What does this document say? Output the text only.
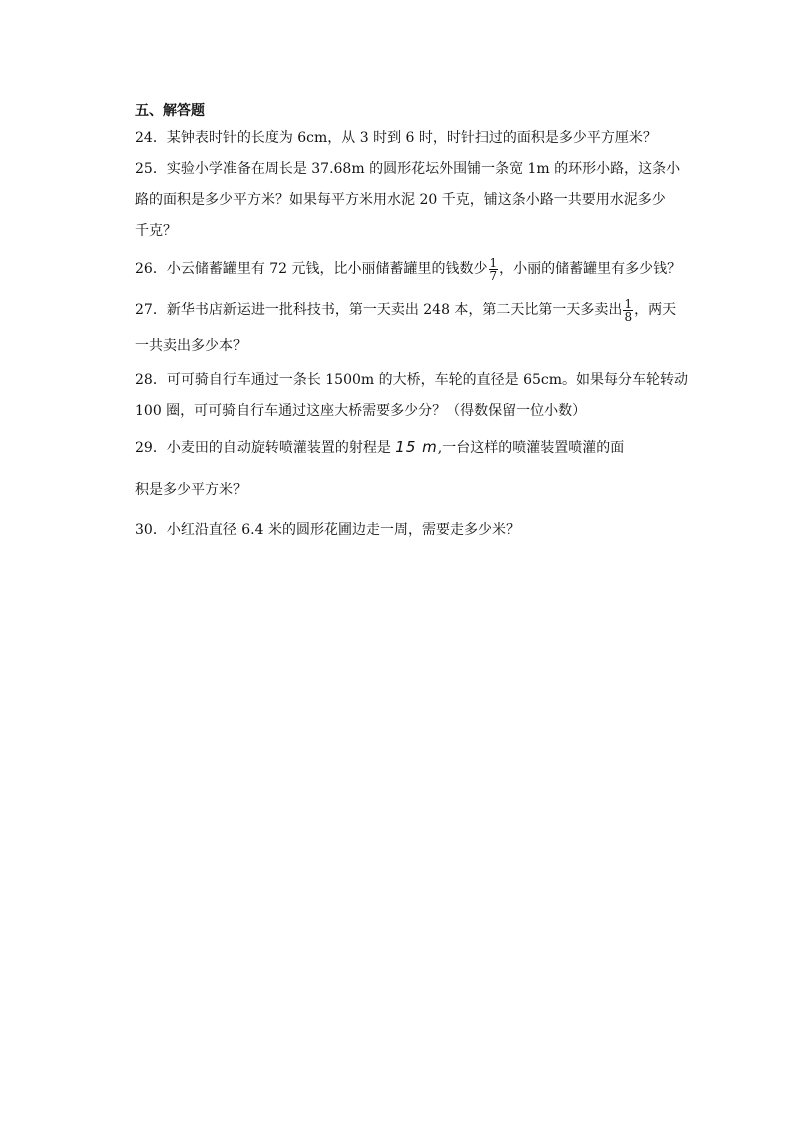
五、解答题
24．某钟表时针的长度为 6cm，从 3 时到 6 时，时针扫过的面积是多少平方厘米？
25．实验小学准备在周长是 37.68m 的圆形花坛外围铺一条宽 1m 的环形小路，这条小
路的面积是多少平方米？如果每平方米用水泥 20 千克，铺这条小路一共要用水泥多少
千克？
26．小云储蓄罐里有 72 元钱，比小丽储蓄罐里的钱数少 $\frac{1}{7}$ ，小丽的储蓄罐里有多少钱？
27．新华书店新运进一批科技书，第一天卖出 248 本，第二天比第一天多卖出 $\frac{1}{8}$ ，两天
一共卖出多少本？
28．可可骑自行车通过一条长 1500m 的大桥，车轮的直径是 65cm。如果每分车轮转动
100 圈，可可骑自行车通过这座大桥需要多少分？（得数保留一位小数）
29．小麦田的自动旋转喷灌装置的射程是 15 m,一台这样的喷灌装置喷灌的面
积是多少平方米？
30．小红沿直径 6.4 米的圆形花圃边走一周，需要走多少米？
